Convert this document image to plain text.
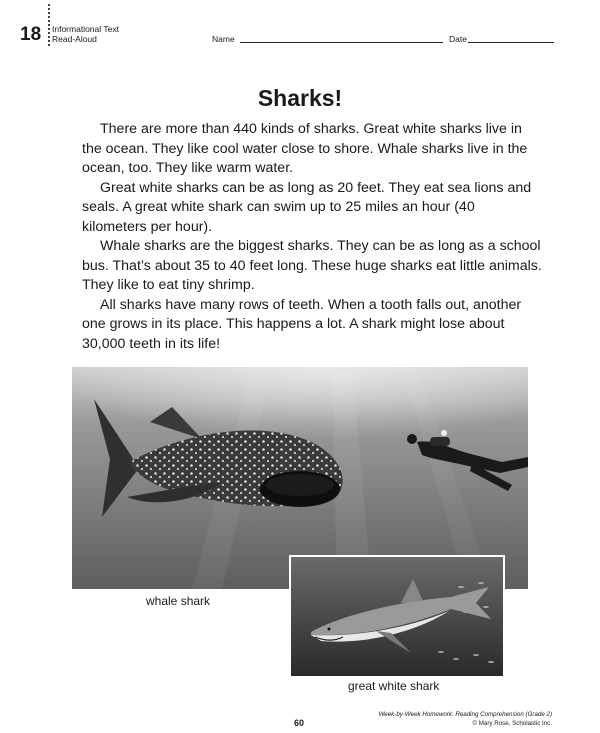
18 Informational Text
Read-Aloud	Name	Date
Sharks!

There are more than 440 kinds of sharks. Great white sharks live in the ocean. They like cool water close to shore. Whale sharks live in the ocean, too. They like warm water.

Great white sharks can be as long as 20 feet. They eat sea lions and seals. A great white shark can swim up to 25 miles an hour (40 kilometers per hour).

Whale sharks are the biggest sharks. They can be as long as a school bus. That’s about 35 to 40 feet long. These huge sharks eat little animals. They like to eat tiny shrimp.

All sharks have many rows of teeth. When a tooth falls out, another one grows in its place. This happens a lot. A shark might lose about 30,000 teeth in its life!

whale shark
great white shark
60
Week-by-Week Homework: Reading Comprehension (Grade 2)
© Mary Rose, Scholastic Inc.
